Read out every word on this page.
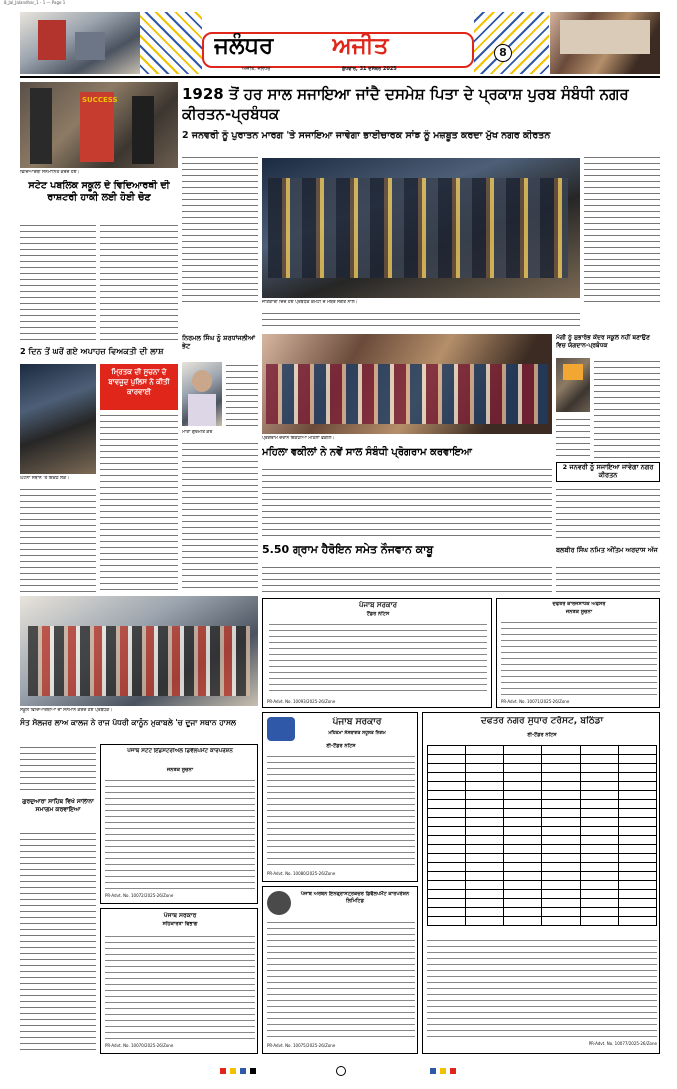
8_Jal_Jalandhar_1 - 1 — Page 1
ਜਲੰਧਰ	ਅਜੀਤ
ਅਜੀਤ, ਜਲੰਧਰ	ਬੁੱਧਵਾਰ, 31 ਦਸੰਬਰ 2025
8
SUCCESS
ਵਿਦਿਆਰਥੀ ਸਨਮਾਨਿਤ ਕਰਦੇ ਹੋਏ।
ਸਟੇਟ ਪਬਲਿਕ ਸਕੂਲ ਦੇ ਵਿਦਿਆਰਥੀ ਦੀ ਰਾਸ਼ਟਰੀ ਹਾਕੀ ਲਈ ਹੋਈ ਚੋਣ
2 ਦਿਨ ਤੋਂ ਘਰੋਂ ਗਏ ਅਪਾਹਜ਼ ਵਿਅਕਤੀ ਦੀ ਲਾਸ਼
ਮ੍ਰਿਤਕ ਦੀ ਸੂਚਨਾ ਦੇ ਬਾਵਜੂਦ ਪੁਲਿਸ ਨੇ ਕੀਤੀ ਕਾਰਵਾਈ
ਘਟਨਾ ਸਥਾਨ 'ਤੇ ਇਕੱਠੇ ਲੋਕ।
1928 ਤੋਂ ਹਰ ਸਾਲ ਸਜਾਇਆ ਜਾਂਦੈ ਦਸਮੇਸ਼ ਪਿਤਾ ਦੇ ਪ੍ਰਕਾਸ਼ ਪੁਰਬ ਸੰਬੰਧੀ ਨਗਰ ਕੀਰਤਨ-ਪ੍ਰਬੰਧਕ
2 ਜਨਵਰੀ ਨੂੰ ਪੁਰਾਤਨ ਮਾਰਗ 'ਤੇ ਸਜਾਇਆ ਜਾਵੇਗਾ ਭਾਈਚਾਰਕ ਸਾਂਝ ਨੂੰ ਮਜ਼ਬੂਤ ਕਰਦਾ ਮੁੱਖ ਨਗਰ ਕੀਰਤਨ
ਜਾਣਕਾਰੀ ਦਿੰਦੇ ਹੋਏ ਪ੍ਰਬੰਧਕ ਕਮੇਟੀ ਦੇ ਮੈਂਬਰ ਸੰਗਤ ਨਾਲ।
ਨਿਰਮਲ ਸਿੰਘ ਨੂੰ ਸ਼ਰਧਾਂਜਲੀਆਂ ਭੇਟ
ਮਾਤਾ ਗੁਰਮੀਤ ਕੌਰ
ਪ੍ਰੋਗਰਾਮ ਦੌਰਾਨ ਇਕੱਠੀਆਂ ਮਹਿਲਾ ਵਕੀਲ।
ਮਹਿਲਾ ਵਕੀਲਾਂ ਨੇ ਨਵੇਂ ਸਾਲ ਸੰਬੰਧੀ ਪ੍ਰੋਗਰਾਮ ਕਰਵਾਇਆ
5.50 ਗ੍ਰਾਮ ਹੈਰੋਇਨ ਸਮੇਤ ਨੌਜਵਾਨ ਕਾਬੂ
ਮੰਗੀ ਨੂੰ ਸ਼ੁਭਾਰੰਭ ਕੇਂਦਰ ਸਕੂਲ ਨਹੀਂ ਬਣਾਉਣ ਵਿਚ ਯੋਗਦਾਨ-ਪ੍ਰਬੰਧਕ
2 ਜਨਵਰੀ ਨੂੰ ਸਜਾਇਆ ਜਾਵੇਗਾ ਨਗਰ ਕੀਰਤਨ
ਬਲਬੀਰ ਸਿੰਘ ਨਮਿਤ ਅੰਤਿਮ ਅਰਦਾਸ ਅੱਜ
ਸਕੂਲ ਵਿਦਿਆਰਥੀਆਂ ਦਾ ਸਨਮਾਨ ਕਰਦੇ ਹੋਏ ਪ੍ਰਬੰਧਕ।
ਸੰਤ ਸੋਲਜਰ ਲਾਅ ਕਾਲਜ ਨੇ ਰਾਜ ਪੱਧਰੀ ਕਾਨੂੰਨ ਮੁਕਾਬਲੇ 'ਚ ਦੂਜਾ ਸਥਾਨ ਹਾਸਲ
ਗੁਰਦੁਆਰਾ ਸਾਹਿਬ ਵਿਖੇ ਸਾਲਾਨਾ ਸਮਾਗਮ ਕਰਵਾਇਆ
ਪੰਜਾਬ ਸਰਕਾਰ
ਟੈਂਡਰ ਨੋਟਿਸ
PR-Advt. No. 10093/2025-26/Zone
ਦਫਤਰ ਕਾਰਜਸਾਧਕ ਅਫਸਰ
ਜਨਤਕ ਸੂਚਨਾ
PR-Advt. No. 10071/2025-26/Zone
ਪੰਜਾਬ ਸਟੇਟ ਇੰਡਸਟਰੀਅਲ ਡਿਵੈਲਪਮੈਂਟ ਕਾਰਪੋਰੇਸ਼ਨ
ਜਨਤਕ ਸੂਚਨਾ
PR-Advt. No. 10072/2025-26/Zone
ਪੰਜਾਬ ਸਰਕਾਰ
ਸਹਿਕਾਰਤਾ ਵਿਭਾਗ
PR-Advt. No. 10070/2025-26/Zone
ਪੰਜਾਬ ਸਰਕਾਰ
ਮਹਿਕਮਾ ਸੰਸਥਾਗਤ ਸਹੂਲਤ ਨਿਗਮ
ਈ-ਟੈਂਡਰ ਨੋਟਿਸ
PR-Advt. No. 10080/2025-26/Zone
ਪੰਜਾਬ ਅਰਬਨ ਇਨਫ੍ਰਾਸਟ੍ਰਕਚਰ ਡਿਵੈਲਪਮੈਂਟ ਕਾਰਪੋਰੇਸ਼ਨ ਲਿਮਿਟਿਡ
PR-Advt. No. 10075/2025-26/Zone
ਦਫਤਰ ਨਗਰ ਸੁਧਾਰ ਟਰੱਸਟ, ਬਠਿੰਡਾ
ਈ-ਟੈਂਡਰ ਨੋਟਿਸ

PR-Advt. No. 10077/2025-26/Zone
